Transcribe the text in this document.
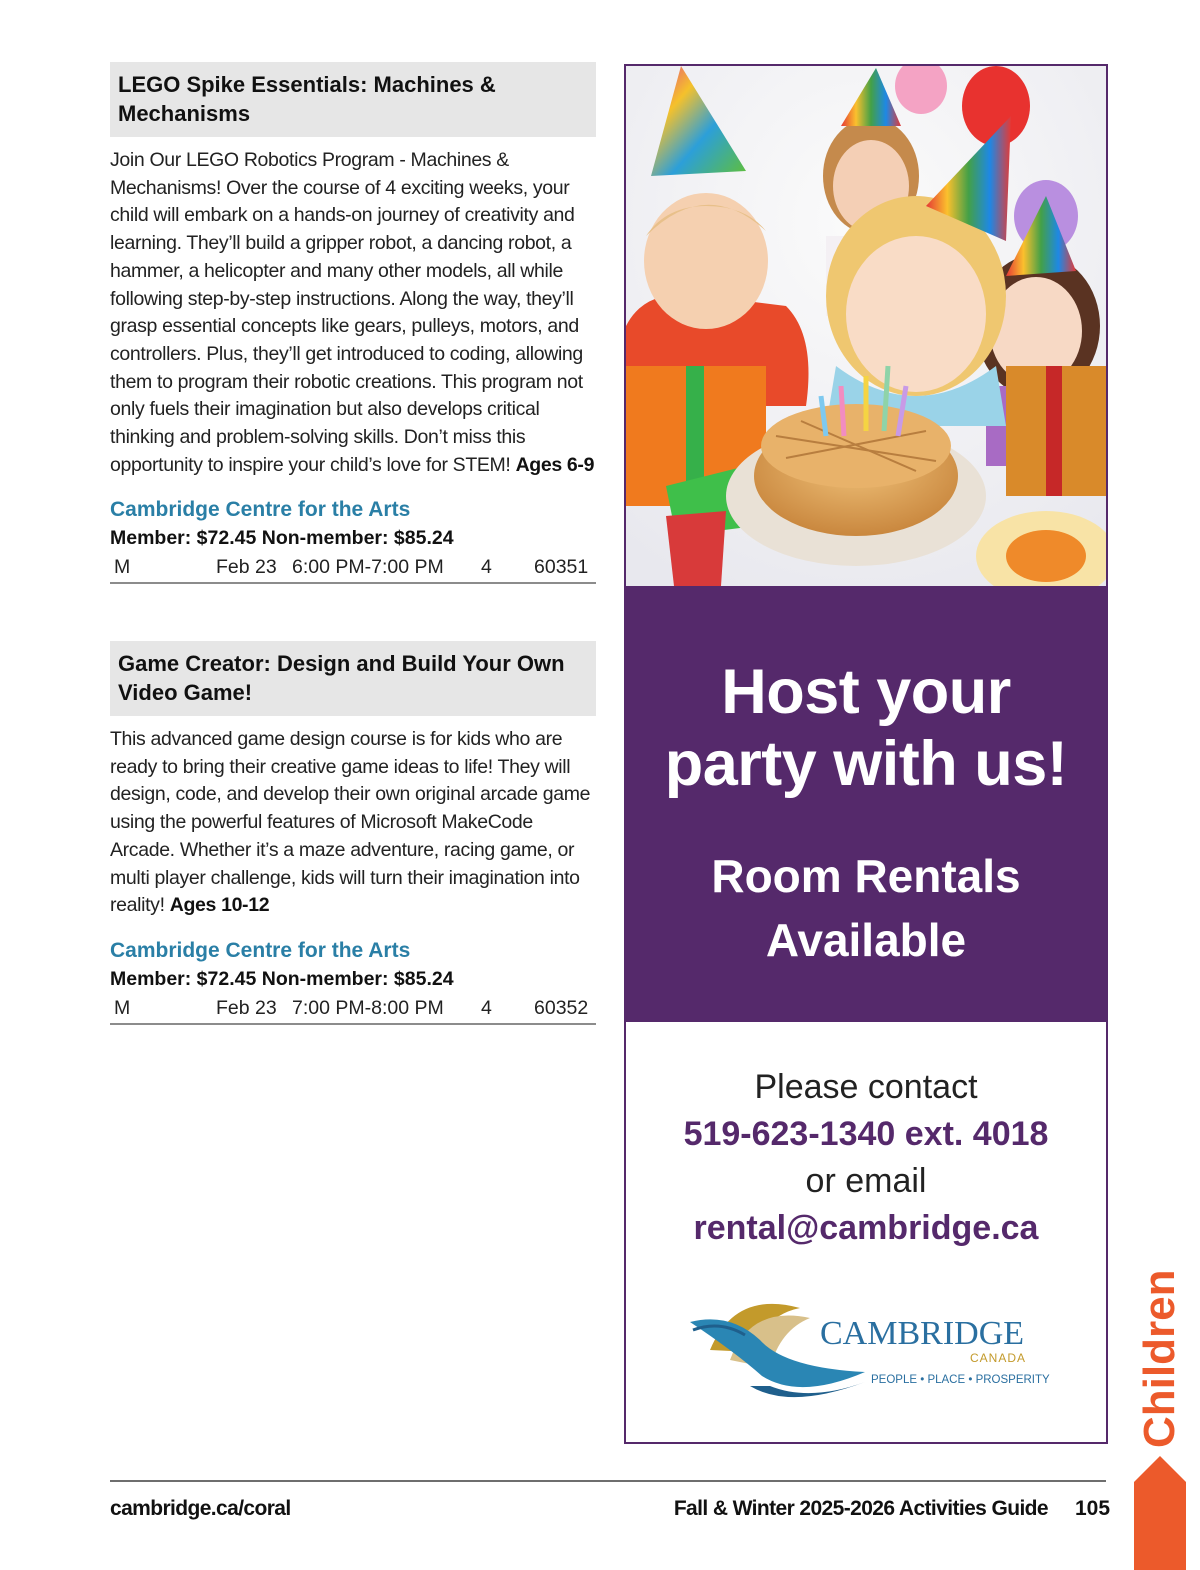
LEGO Spike Essentials: Machines & Mechanisms
Join Our LEGO Robotics Program - Machines & Mechanisms! Over the course of 4 exciting weeks, your child will embark on a hands-on journey of creativity and learning. They’ll build a gripper robot, a dancing robot, a hammer, a helicopter and many other models, all while following step-by-step instructions. Along the way, they’ll grasp essential concepts like gears, pulleys, motors, and controllers. Plus, they’ll get introduced to coding, allowing them to program their robotic creations. This program not only fuels their imagination but also develops critical thinking and problem-solving skills. Don’t miss this opportunity to inspire your child’s love for STEM! Ages 6-9
Cambridge Centre for the Arts
Member: $72.45 Non-member: $85.24
M	Feb 23 6:00 PM-7:00 PM 4 60351
Game Creator: Design and Build Your Own Video Game!
This advanced game design course is for kids who are ready to bring their creative game ideas to life! They will design, code, and develop their own original arcade game using the powerful features of Microsoft MakeCode Arcade. Whether it’s a maze adventure, racing game, or multi player challenge, kids will turn their imagination into reality! Ages 10-12
Cambridge Centre for the Arts
Member: $72.45 Non-member: $85.24
M	Feb 23 7:00 PM-8:00 PM 4 60352
Host your
party with us!
Room Rentals
Available
Please contact
519-623-1340 ext. 4018
or email
rental@cambridge.ca
CAMBRIDGE
CANADA
PEOPLE • PLACE • PROSPERITY
cambridge.ca/coral	Fall & Winter 2025-2026 Activities Guide 105
Children
